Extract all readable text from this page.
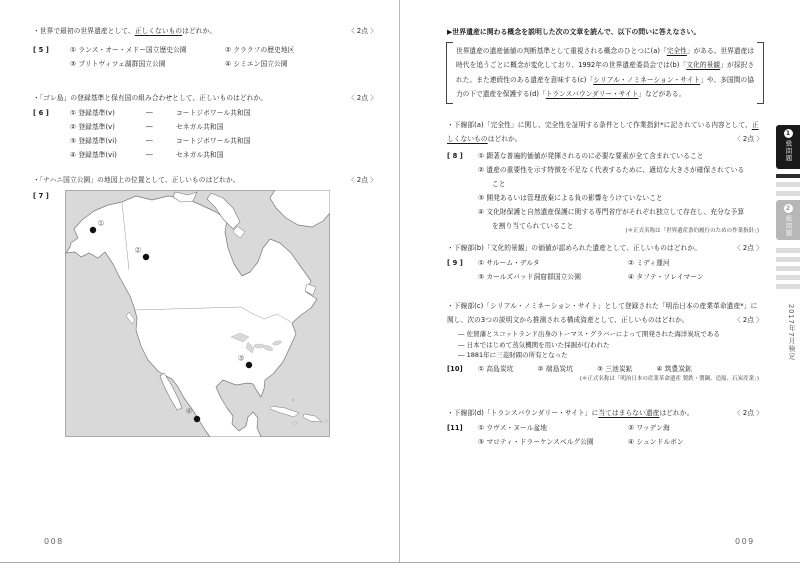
・世界で最初の世界遺産として、正しくないものはどれか。	〈 2点 〉
[ 5 ]	① ランス・オー・メドー国立歴史公園	② クラクフの歴史地区
③ プリトヴィツェ湖群国立公園	④ シミエン国立公園
・「ゴレ島」の登録基準と保有国の組み合わせとして、正しいものはどれか。	〈 2点 〉
[ 6 ]	① 登録基準(v)	―	コートジボワール共和国
② 登録基準(v)	―	セネガル共和国
③ 登録基準(vi)	―	コートジボワール共和国
④ 登録基準(vi)	―	セネガル共和国
・「ナハニ国立公園」の地図上の位置として、正しいものはどれか。	〈 2点 〉
[ 7 ]
①
②
③
④
008
▶世界遺産に関わる概念を説明した次の文章を読んで、以下の問いに答えなさい。
世界遺産の遺産価値の判断基準として重視される概念のひとつに(a)「完全性」がある。世界遺産は時代を追うごとに概念が変化しており、1992年の世界遺産委員会では(b)「文化的景観」が採択された。また連続性のある遺産を意味する(c)「シリアル・ノミネーション・サイト」や、多国間の協力の下で遺産を保護する(d)「トランスバウンダリー・サイト」などがある。
・下線部(a)「完全性」に関し、完全性を証明する条件として作業指針*に記されている内容として、正しくないものはどれか。	〈 2点 〉
[ 8 ]	① 顕著な普遍的価値が発揮されるのに必要な要素が全て含まれていること
② 遺産の重要性を示す特徴を不足なく代表するために、適切な大きさが確保されていること
③ 開発あるいは管理放棄による負の影響をうけていないこと
④ 文化財保護と自然遺産保護に関する専門省庁がそれぞれ独立して存在し、充分な予算を割り当てられていること
(＊正式名称は「世界遺産条約履行のための作業指針」)
・下線部(b)「文化的景観」の価値が認められた遺産として、正しいものはどれか。	〈 2点 〉
[ 9 ]	① サルーム・デルタ	② ミディ運河
③ カールズバッド洞窟群国立公園	④ タフテ・ソレイマーン
・下線部(c)「シリアル・ノミネーション・サイト」として登録された「明治日本の産業革命遺産*」に関し、次の3つの説明文から推測される構成資産として、正しいものはどれか。	〈 2点 〉
― 佐賀藩とスコットランド出身のトーマス・グラバーによって開発された海洋炭坑である
― 日本ではじめて蒸気機関を用いた採掘が行われた
― 1881年に三菱財閥の所有となった
[10]	① 高島炭坑	② 端島炭坑	③ 三池炭鉱	④ 筑豊炭鉱
(＊正式名称は「明治日本の産業革命遺産 製鉄・製鋼、造船、石炭産業」)
・下線部(d)「トランスバウンダリー・サイト」に当てはまらない遺産はどれか。	〈 2点 〉
[11]	① ウヴス・ヌール盆地	② ワッデン海
③ マロティ・ドラーケンスベルグ公園	④ シュンドルボン
009
1
級問題
2
級問題
2017年7月検定
